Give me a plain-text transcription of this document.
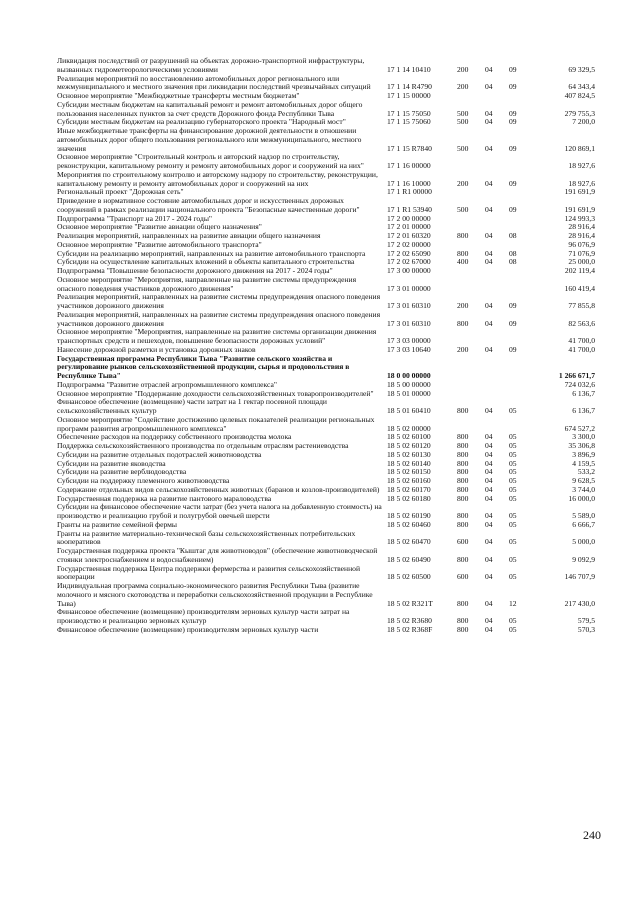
Ликвидация последствий от разрушений на объектах дорожно-транспортной инфраструктуры, вызванных гидрометеорологическими условиями	17 1 14 10410	200	04	09	69 329,5
Реализация мероприятий по восстановлению автомобильных дорог регионального или межмуниципального и местного значения при ликвидации последствий чрезвычайных ситуаций	17 1 14 R4790	200	04	09	64 343,4
Основное мероприятие "Межбюджетные трансферты местным бюджетам"	17 1 15 00000	407 824,5
Субсидии местным бюджетам на капитальный ремонт и ремонт автомобильных дорог общего пользования населенных пунктов за счет средств Дорожного фонда Республики Тыва	17 1 15 75050	500	04	09	279 755,3
Субсидии местным бюджетам на реализацию губернаторского проекта "Народный мост"	17 1 15 75060	500	04	09	7 200,0
Иные межбюджетные трансферты на финансирование дорожной деятельности в отношении автомобильных дорог общего пользования регионального или межмуниципального, местного значения	17 1 15 R7840	500	04	09	120 869,1
Основное мероприятие "Строительный контроль и авторский надзор по строительству, реконструкции, капитальному ремонту и ремонту автомобильных дорог и сооружений на них"	17 1 16 00000	18 927,6
Мероприятия по строительному контролю и авторскому надзору по строительству, реконструкции, капитальному ремонту и ремонту автомобильных дорог и сооружений на них	17 1 16 10000	200	04	09	18 927,6
Региональный проект "Дорожная сеть"	17 1 R1 00000	191 691,9
Приведение в нормативное состояние автомобильных дорог и искусственных дорожных сооружений в рамках реализации национального проекта "Безопасные качественные дороги"	17 1 R1 53940	500	04	09	191 691,9
Подпрограмма "Транспорт на 2017 - 2024 годы"	17 2 00 00000	124 993,3
Основное мероприятие "Развитие авиации общего назначения"	17 2 01 00000	28 916,4
Реализация мероприятий, направленных на развитие авиации общего назначения	17 2 01 60320	800	04	08	28 916,4
Основное мероприятие "Развитие автомобильного транспорта"	17 2 02 00000	96 076,9
Субсидии на реализацию мероприятий, направленных на развитие автомобильного транспорта	17 2 02 65090	800	04	08	71 076,9
Субсидии на осуществление капитальных вложений в объекты капитального строительства	17 2 02 67000	400	04	08	25 000,0
Подпрограмма "Повышение безопасности дорожного движения на 2017 - 2024 годы"	17 3 00 00000	202 119,4
Основное мероприятие "Мероприятия, направленные на развитие системы предупреждения опасного поведения участников дорожного движения"	17 3 01 00000	160 419,4
Реализация мероприятий, направленных на развитие системы предупреждения опасного поведения участников дорожного движения	17 3 01 60310	200	04	09	77 855,8
Реализация мероприятий, направленных на развитие системы предупреждения опасного поведения участников дорожного движения	17 3 01 60310	800	04	09	82 563,6
Основное мероприятие "Мероприятия, направленные на развитие системы организации движения транспортных средств и пешеходов, повышение безопасности дорожных условий"	17 3 03 00000	41 700,0
Нанесение дорожной разметки и установка дорожных знаков	17 3 03 10640	200	04	09	41 700,0
Государственная программа Республики Тыва "Развитие сельского хозяйства и регулирование рынков сельскохозяйственной продукции, сырья и продовольствия в Республике Тыва"	18 0 00 00000	1 266 671,7
Подпрограмма "Развитие отраслей агропромышленного комплекса"	18 5 00 00000	724 032,6
Основное мероприятие "Поддержание доходности сельскохозяйственных товаропроизводителей"	18 5 01 00000	6 136,7
Финансовое обеспечение (возмещение) части затрат на 1 гектар посевной площади сельскохозяйственных культур	18 5 01 60410	800	04	05	6 136,7
Основное мероприятие "Содействие достижению целевых показателей реализации региональных программ развития агропромышленного комплекса"	18 5 02 00000	674 527,2
Обеспечение расходов на поддержку собственного производства молока	18 5 02 60100	800	04	05	3 300,0
Поддержка сельскохозяйственного производства по отдельным отраслям растениеводства	18 5 02 60120	800	04	05	35 306,8
Субсидии на развитие отдельных подотраслей животноводства	18 5 02 60130	800	04	05	3 896,9
Субсидии на развитие яководства	18 5 02 60140	800	04	05	4 159,5
Субсидии на развитие верблюдоводства	18 5 02 60150	800	04	05	533,2
Субсидии на поддержку племенного животноводства	18 5 02 60160	800	04	05	9 628,5
Содержание отдельных видов сельскохозяйственных животных (баранов и козлов-производителей) 18 5 02 60170	800	04	05	3 744,0
Государственная поддержка на развитие пантового мараловодства	18 5 02 60180	800	04	05	16 000,0
Субсидии на финансовое обеспечение части затрат (без учета налога на добавленную стоимость) на производство и реализацию грубой и полугрубой овечьей шерсти	18 5 02 60190	800	04	05	5 589,0
Гранты на развитие семейной фермы	18 5 02 60460	800	04	05	6 666,7
Гранты на развитие материально-технической базы сельскохозяйственных потребительских кооперативов	18 5 02 60470	600	04	05	5 000,0
Государственная поддержка проекта "Кыштаг для животноводов" (обеспечение животноводческой стоянки электроснабжением и водоснабжением)	18 5 02 60490	800	04	05	9 092,9
Государственная поддержка Центра поддержки фермерства и развития сельскохозяйственной кооперации	18 5 02 60500	600	04	05	146 707,9
Индивидуальная программа социально-экономического развития Республики Тыва (развитие молочного и мясного скотоводства и переработки сельскохозяйственной продукции в Республике Тыва)	18 5 02 R321Т	800	04	12	217 430,0
Финансовое обеспечение (возмещение) производителям зерновых культур части затрат на производство и реализацию зерновых культур	18 5 02 R3680	800	04	05	579,5
Финансовое обеспечение (возмещение) производителям зерновых культур части	18 5 02 R368F	800	04	05	570,3
240
